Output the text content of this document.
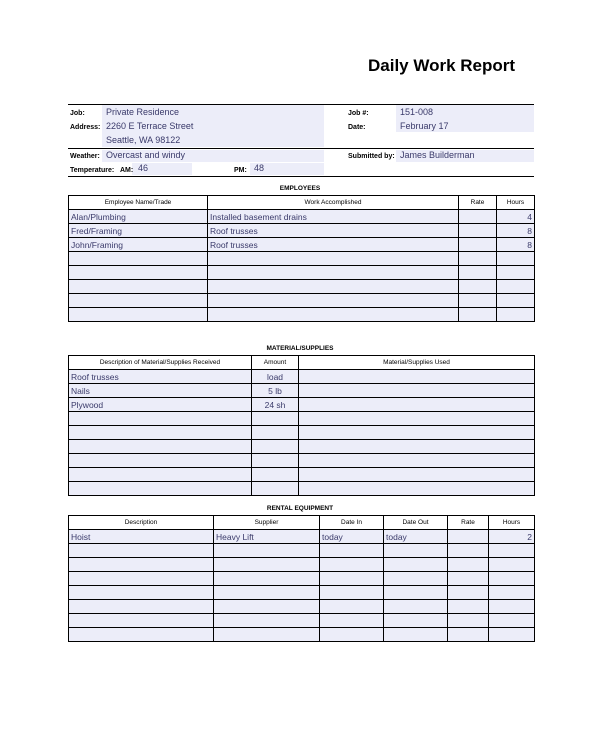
Daily Work Report
Job: Private Residence
Address: 2260 E Terrace Street
Seattle, WA 98122
Weather: Overcast and windy
Temperature: AM: 46	PM: 48
Job #:	151-008
Date:	February 17
Submitted by: James Builderman
EMPLOYEES
Employee Name/Trade	Work Accomplished	Rate	Hours
Alan/Plumbing	Installed basement drains		4
Fred/Framing	Roof trusses		8
John/Framing	Roof trusses		8

MATERIAL/SUPPLIES
Description of Material/Supplies Received	Amount	Material/Supplies Used
Roof trusses	load	
Nails	5 lb	
Plywood	24 sh	

RENTAL EQUIPMENT
Description	Supplier	Date In	Date Out	Rate	Hours
Hoist	Heavy Lift	today	today		2
